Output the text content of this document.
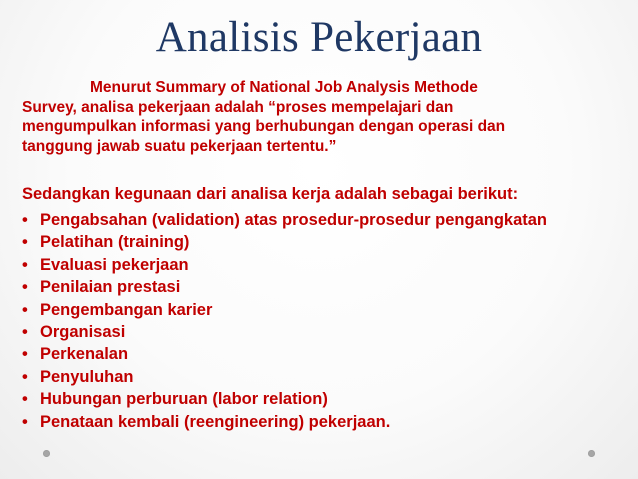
Analisis Pekerjaan
Menurut Summary of National Job Analysis Methode
Survey, analisa pekerjaan adalah “proses mempelajari dan
mengumpulkan informasi yang berhubungan dengan operasi dan
tanggung jawab suatu pekerjaan tertentu.”
Sedangkan kegunaan dari analisa kerja adalah sebagai berikut:
• Pengabsahan (validation) atas prosedur-prosedur pengangkatan
• Pelatihan (training)
• Evaluasi pekerjaan
• Penilaian prestasi
• Pengembangan karier
• Organisasi
• Perkenalan
• Penyuluhan
• Hubungan perburuan (labor relation)
• Penataan kembali (reengineering) pekerjaan.
